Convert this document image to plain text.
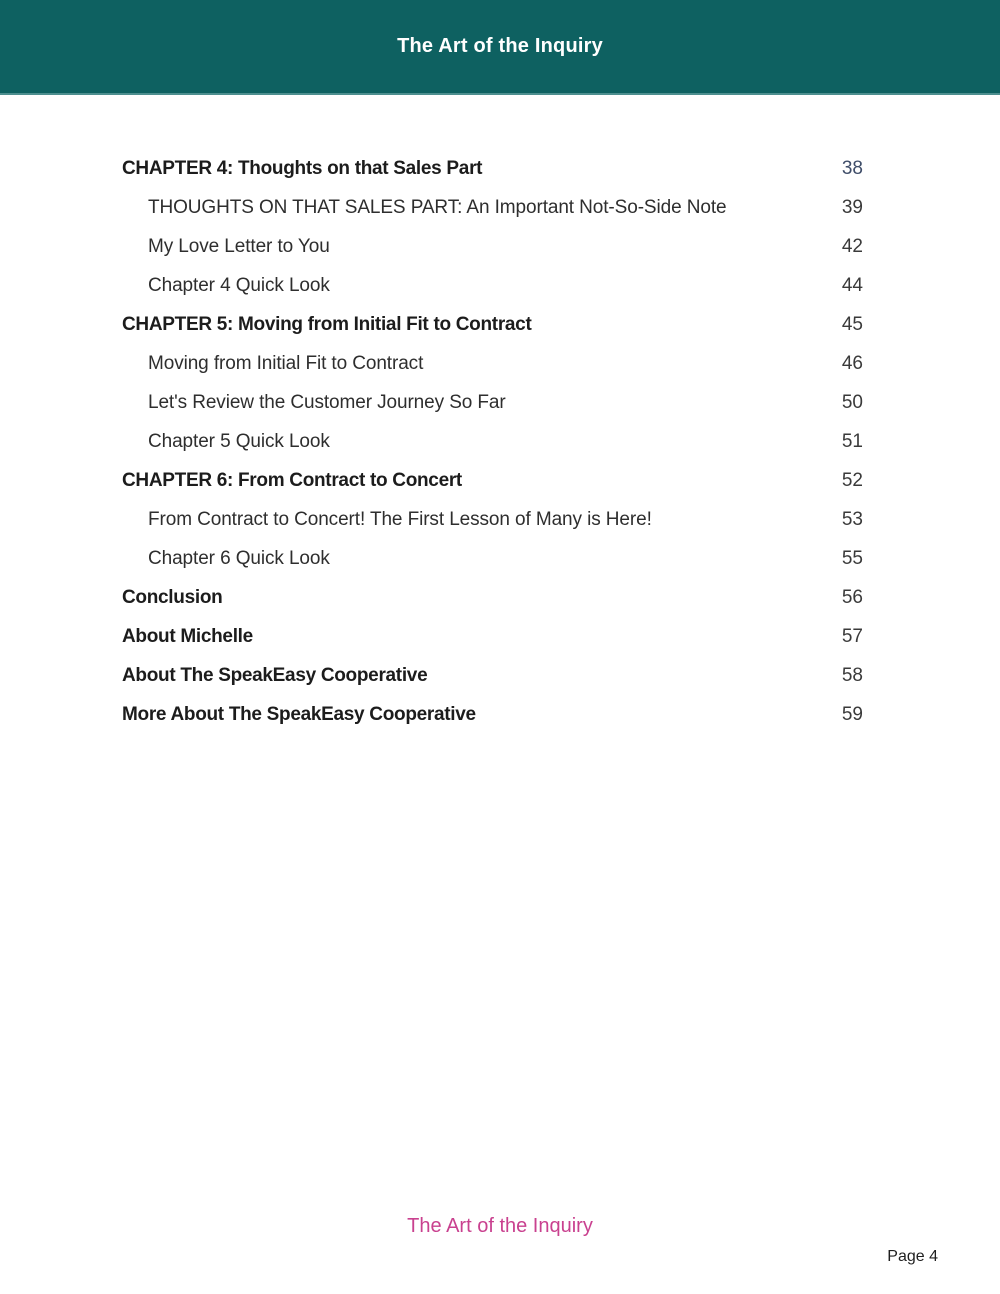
The Art of the Inquiry
CHAPTER 4: Thoughts on that Sales Part	38
THOUGHTS ON THAT SALES PART: An Important Not-So-Side Note	39
My Love Letter to You	42
Chapter 4 Quick Look	44
CHAPTER 5: Moving from Initial Fit to Contract	45
Moving from Initial Fit to Contract	46
Let's Review the Customer Journey So Far	50
Chapter 5 Quick Look	51
CHAPTER 6: From Contract to Concert	52
From Contract to Concert! The First Lesson of Many is Here!	53
Chapter 6 Quick Look	55
Conclusion	56
About Michelle	57
About The SpeakEasy Cooperative	58
More About The SpeakEasy Cooperative	59
The Art of the Inquiry
Page 4
